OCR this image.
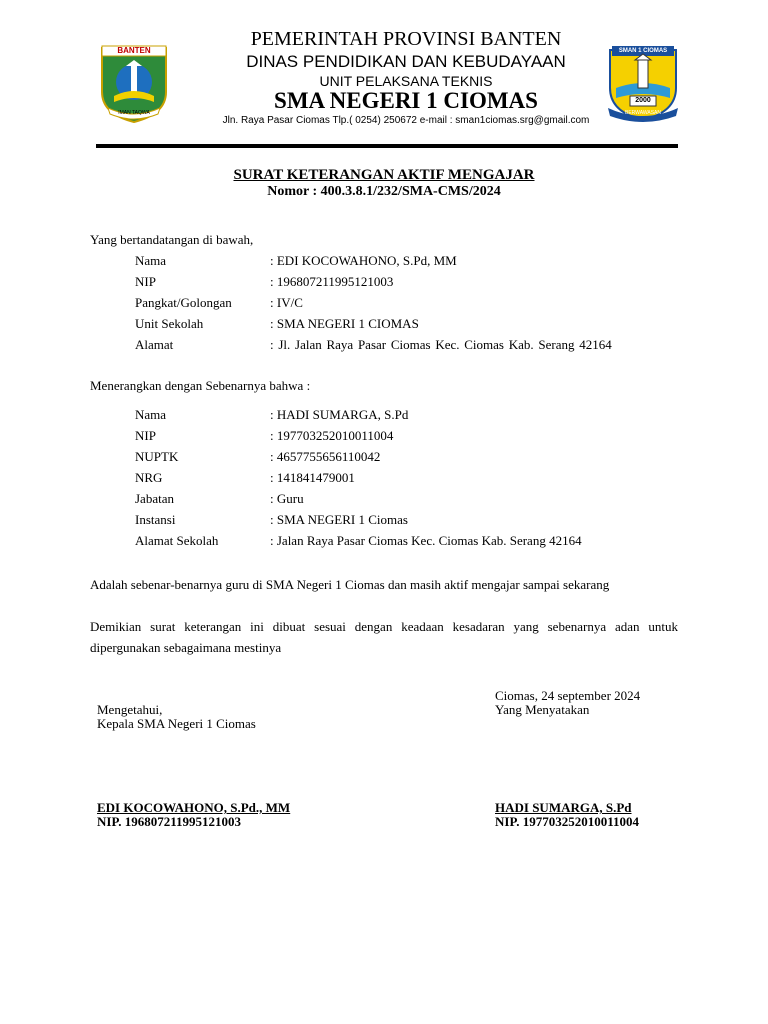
BANTEN
IMAN TAQWA
SMAN 1 CIOMAS
2000
BERWAWASAN
PEMERINTAH PROVINSI BANTEN
DINAS PENDIDIKAN DAN KEBUDAYAAN
UNIT PELAKSANA TEKNIS
SMA NEGERI 1 CIOMAS
Jln. Raya Pasar Ciomas Tlp.( 0254) 250672 e-mail : sman1ciomas.srg@gmail.com
SURAT KETERANGAN AKTIF MENGAJAR
Nomor : 400.3.8.1/232/SMA-CMS/2024
Yang bertandatangan di bawah,
Nama	: EDI KOCOWAHONO, S.Pd, MM
NIP	: 196807211995121003
Pangkat/Golongan	: IV/C
Unit Sekolah	: SMA NEGERI 1 CIOMAS
Alamat	: Jl. Jalan Raya Pasar Ciomas Kec. Ciomas Kab. Serang 42164
Menerangkan dengan Sebenarnya bahwa :
Nama	: HADI SUMARGA, S.Pd
NIP	: 197703252010011004
NUPTK	: 4657755656110042
NRG	: 141841479001
Jabatan	: Guru
Instansi	: SMA NEGERI 1 Ciomas
Alamat Sekolah	: Jalan Raya Pasar Ciomas Kec. Ciomas Kab. Serang 42164
Adalah sebenar-benarnya guru di SMA Negeri 1 Ciomas dan masih aktif mengajar sampai sekarang
Demikian surat keterangan ini dibuat sesuai dengan keadaan kesadaran yang sebenarnya adan untuk dipergunakan sebagaimana mestinya
Ciomas, 24 september 2024
Yang Menyatakan
Mengetahui,
Kepala SMA Negeri 1 Ciomas
EDI KOCOWAHONO, S.Pd., MM
NIP. 196807211995121003
HADI SUMARGA, S.Pd
NIP. 197703252010011004
